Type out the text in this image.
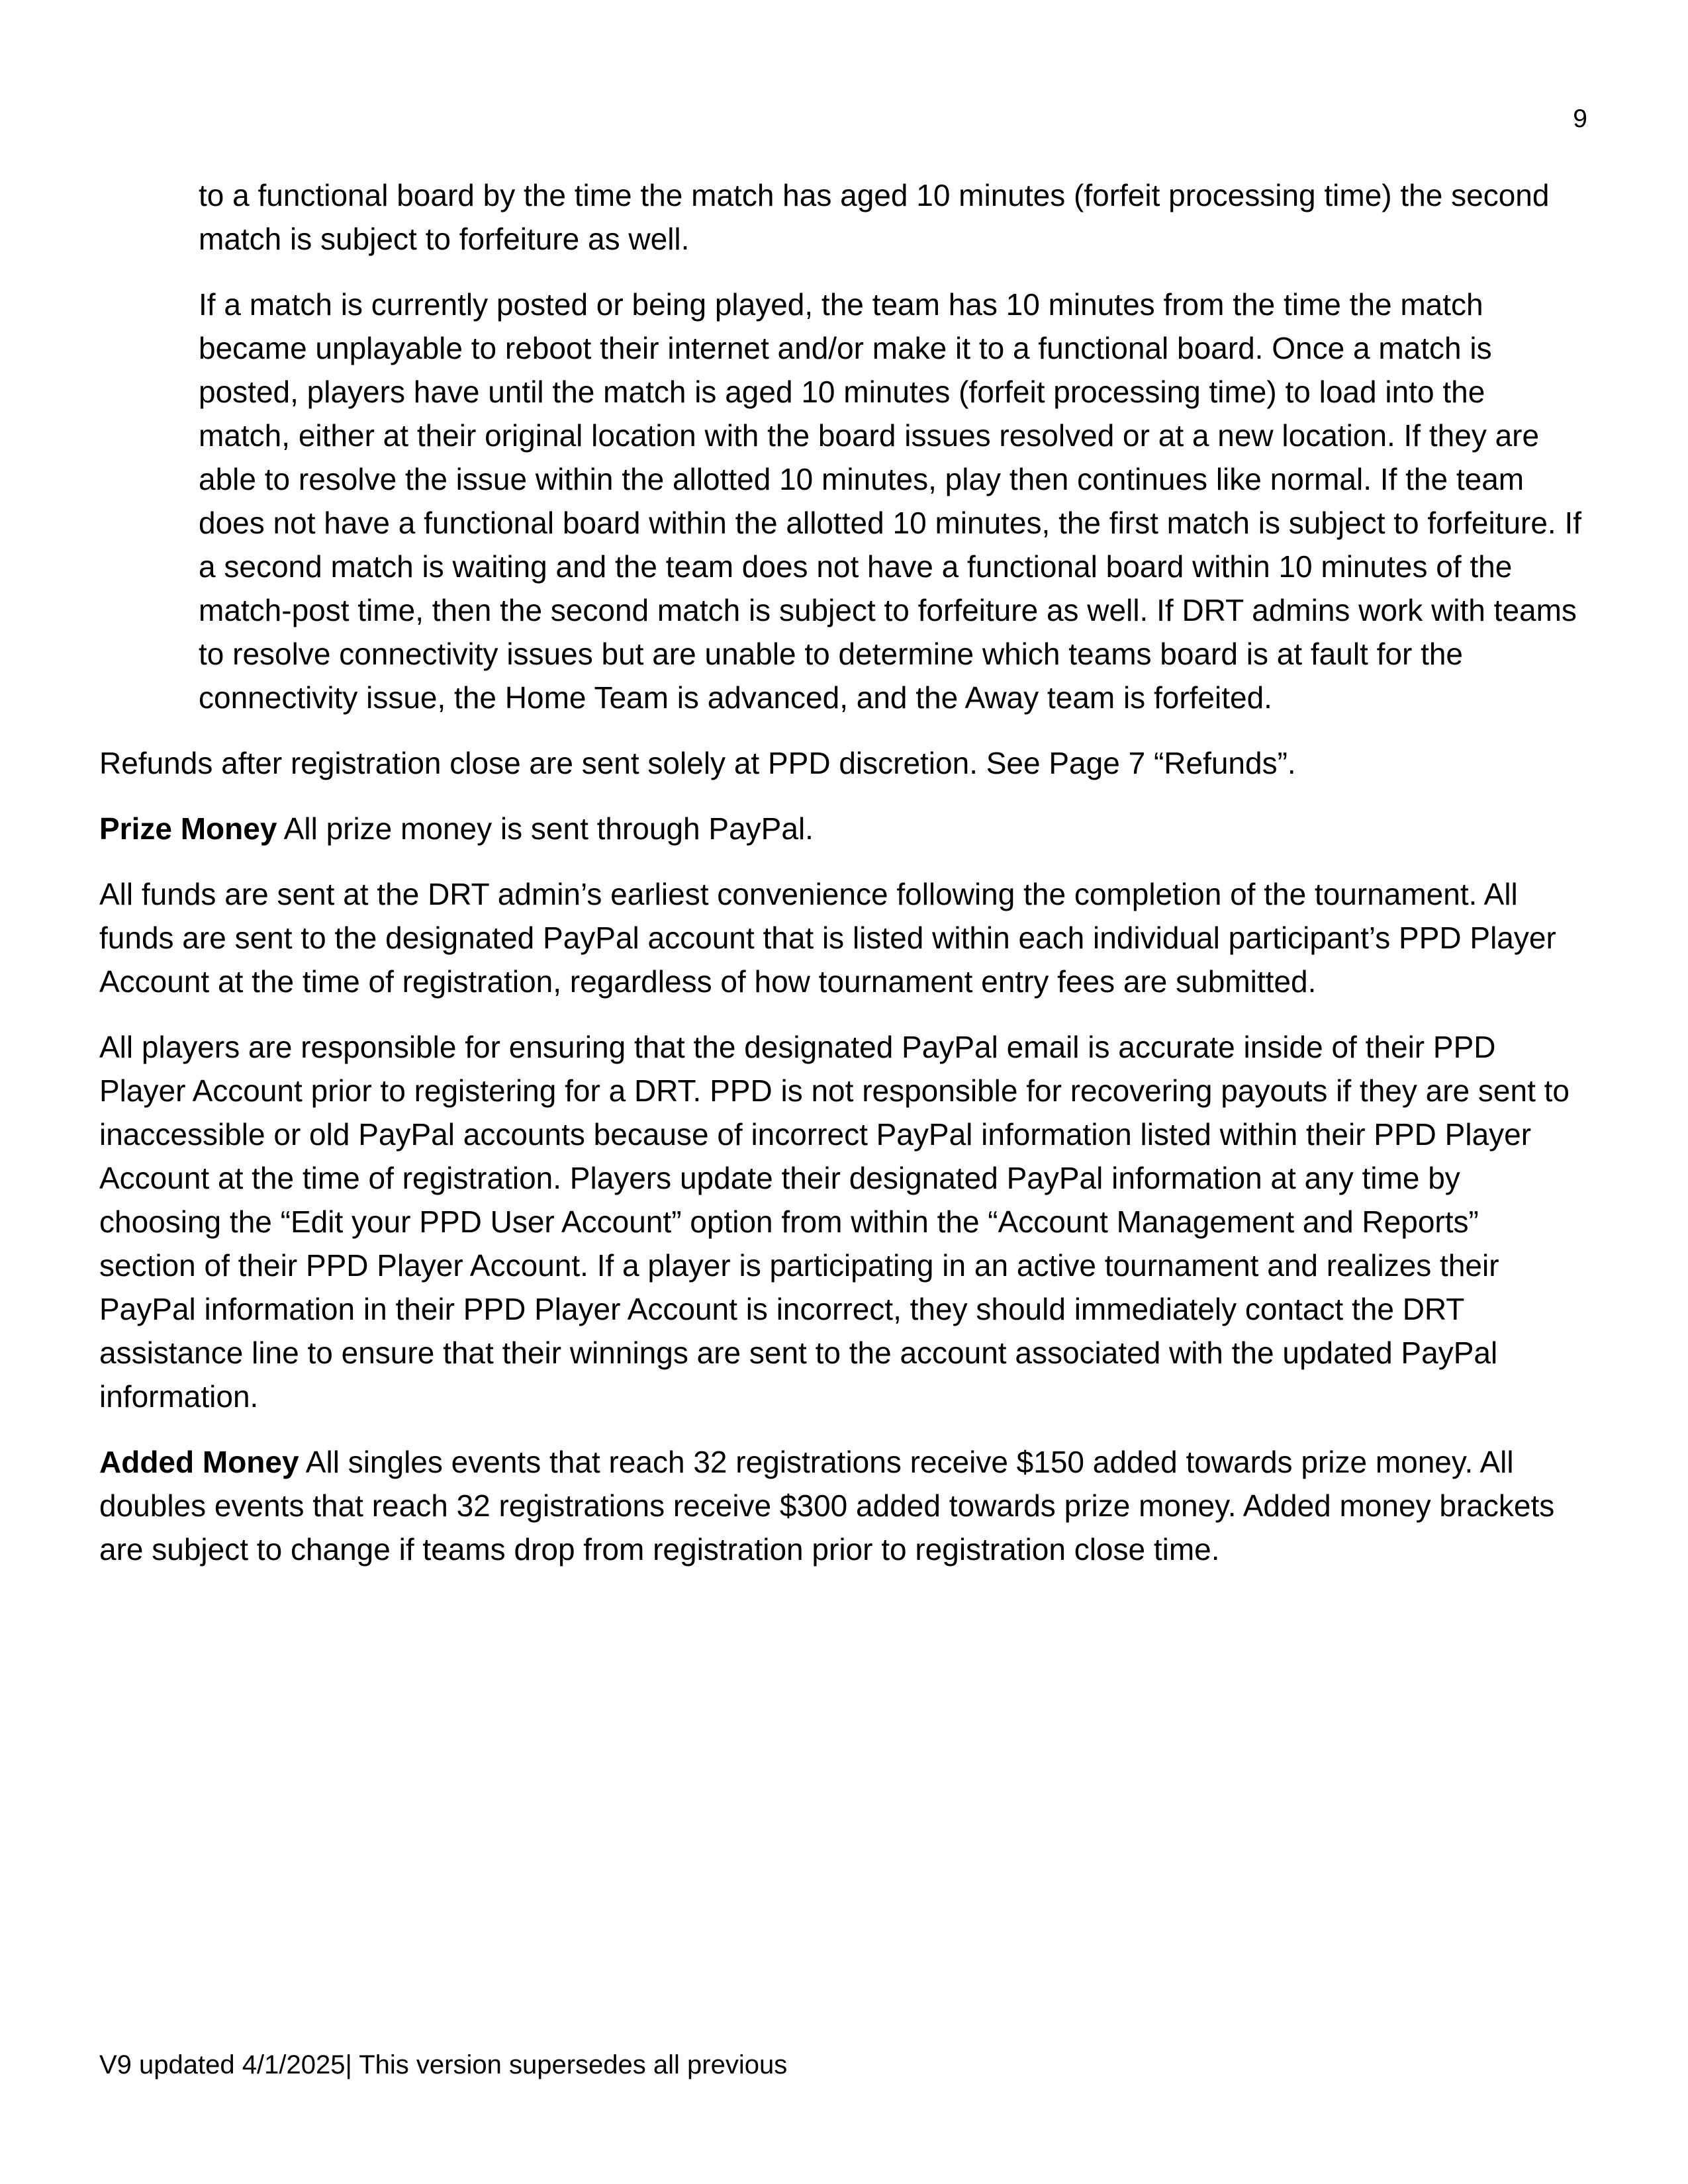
9

to a functional board by the time the match has aged 10 minutes (forfeit processing time) the second match is subject to forfeiture as well.

If a match is currently posted or being played, the team has 10 minutes from the time the match became unplayable to reboot their internet and/or make it to a functional board. Once a match is posted, players have until the match is aged 10 minutes (forfeit processing time) to load into the match, either at their original location with the board issues resolved or at a new location. If they are able to resolve the issue within the allotted 10 minutes, play then continues like normal. If the team does not have a functional board within the allotted 10 minutes, the first match is subject to forfeiture. If a second match is waiting and the team does not have a functional board within 10 minutes of the match-post time, then the second match is subject to forfeiture as well. If DRT admins work with teams to resolve connectivity issues but are unable to determine which teams board is at fault for the connectivity issue, the Home Team is advanced, and the Away team is forfeited.

Refunds after registration close are sent solely at PPD discretion. See Page 7 “Refunds”.

Prize Money All prize money is sent through PayPal.

All funds are sent at the DRT admin’s earliest convenience following the completion of the tournament. All funds are sent to the designated PayPal account that is listed within each individual participant’s PPD Player Account at the time of registration, regardless of how tournament entry fees are submitted.

All players are responsible for ensuring that the designated PayPal email is accurate inside of their PPD Player Account prior to registering for a DRT. PPD is not responsible for recovering payouts if they are sent to inaccessible or old PayPal accounts because of incorrect PayPal information listed within their PPD Player Account at the time of registration. Players update their designated PayPal information at any time by choosing the “Edit your PPD User Account” option from within the “Account Management and Reports” section of their PPD Player Account. If a player is participating in an active tournament and realizes their PayPal information in their PPD Player Account is incorrect, they should immediately contact the DRT assistance line to ensure that their winnings are sent to the account associated with the updated PayPal information.

Added Money All singles events that reach 32 registrations receive $150 added towards prize money. All doubles events that reach 32 registrations receive $300 added towards prize money. Added money brackets are subject to change if teams drop from registration prior to registration close time.

V9 updated 4/1/2025| This version supersedes all previous
